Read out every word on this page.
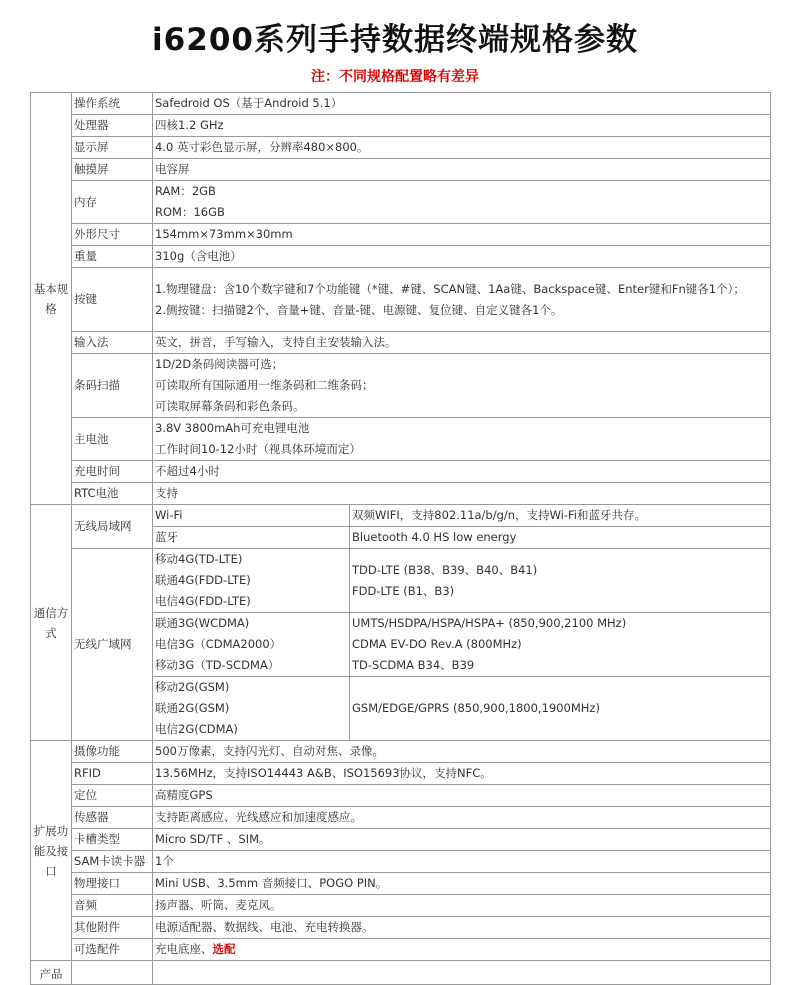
i6200系列手持数据终端规格参数
注：不同规格配置略有差异
基本规格	操作系统	Safedroid OS（基于Android 5.1）	
	处理器	四核1.2 GHz	
	显示屏	4.0 英寸彩色显示屏，分辨率480×800。	
	触摸屏	电容屏	
	内存	RAM：2GB
ROM：16GB	

	外形尺寸	154mm×73mm×30mm	
	重量	310g（含电池）	
	按键	1.物理键盘：含10个数字键和7个功能键（*键、#键、SCAN键、1Aa键、Backspace键、Enter键和Fn键各1个）；
2.侧按键：扫描键2个，音量+键、音量-键、电源键、复位键、自定义键各1个。	

	输入法	英文，拼音，手写输入，支持自主安装输入法。	
	条码扫描	1D/2D条码阅读器可选；
可读取所有国际通用一维条码和二维条码；
可读取屏幕条码和彩色条码。	

	主电池	3.8V 3800mAh可充电锂电池
工作时间10-12小时（视具体环境而定）	

	充电时间	不超过4小时	
	RTC电池	支持	

通信方式	无线局域网	Wi-Fi	双频WIFI，支持802.11a/b/g/n，支持Wi-Fi和蓝牙共存。
		蓝牙	Bluetooth 4.0 HS low energy
	无线广域网	移动4G(TD-LTE)
联通4G(FDD-LTE)
电信4G(FDD-LTE)	TDD-LTE (B38、B39、B40、B41)
FDD-LTE (B1、B3)

		联通3G(WCDMA)
电信3G（CDMA2000）
移动3G（TD-SCDMA）	UMTS/HSDPA/HSPA/HSPA+ (850,900,2100 MHz)
CDMA EV-DO Rev.A (800MHz)
TD-SCDMA B34、B39

		移动2G(GSM)
联通2G(GSM)
电信2G(CDMA)	GSM/EDGE/GPRS (850,900,1800,1900MHz)

扩展功能及接口	摄像功能	500万像素，支持闪光灯、自动对焦、录像。	
	RFID	13.56MHz，支持ISO14443 A&B、ISO15693协议，支持NFC。	
	定位	高精度GPS	
	传感器	支持距离感应、光线感应和加速度感应。	
	卡槽类型	Micro SD/TF 、SIM。	
	SAM卡读卡器	1个	
	物理接口	Mini USB、3.5mm 音频接口、POGO PIN。	
	音频	扬声器、听筒、麦克风。	
	其他附件	电源适配器、数据线、电池、充电转换器。	
	可选配件	充电底座、选配	
产品			
